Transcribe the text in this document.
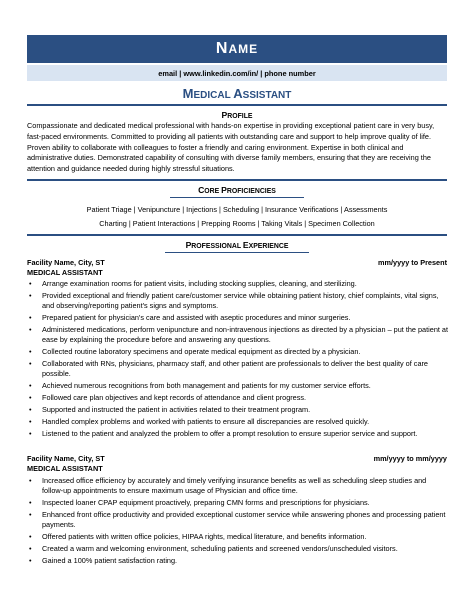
N AME
email | www.linkedin.com/in/ | phone number
MEDICAL ASSISTANT
PROFILE
Compassionate and dedicated medical professional with hands-on expertise in providing exceptional patient care in very busy, fast-paced environments. Committed to providing all patients with outstanding care and support to help improve quality of life. Proven ability to collaborate with colleagues to foster a friendly and caring environment. Expertise in both clinical and administrative duties. Demonstrated capability of consulting with diverse family members, ensuring that they are receiving the attention and guidance needed during highly stressful situations.
CORE PROFICIENCIES
Patient Triage | Venipuncture | Injections | Scheduling | Insurance Verifications | Assessments
Charting | Patient Interactions | Prepping Rooms | Taking Vitals | Specimen Collection
PROFESSIONAL EXPERIENCE
Facility Name, City, ST	mm/yyyy to Present
MEDICAL ASSISTANT
• Arrange examination rooms for patient visits, including stocking supplies, cleaning, and sterilizing.
• Provided exceptional and friendly patient care/customer service while obtaining patient history, chief complaints, vital signs, and observing/reporting patient's signs and symptoms.
• Prepared patient for physician's care and assisted with aseptic procedures and minor surgeries.
• Administered medications, perform venipuncture and non-intravenous injections as directed by a physician – put the patient at ease by explaining the procedure before and answering any questions.
• Collected routine laboratory specimens and operate medical equipment as directed by a physician.
• Collaborated with RNs, physicians, pharmacy staff, and other patient are professionals to deliver the best quality of care possible.
• Achieved numerous recognitions from both management and patients for my customer service efforts.
• Followed care plan objectives and kept records of attendance and client progress.
• Supported and instructed the patient in activities related to their treatment program.
• Handled complex problems and worked with patients to ensure all discrepancies are resolved quickly.
• Listened to the patient and analyzed the problem to offer a prompt resolution to ensure superior service and support.
Facility Name, City, ST	mm/yyyy to mm/yyyy
MEDICAL ASSISTANT
• Increased office efficiency by accurately and timely verifying insurance benefits as well as scheduling sleep studies and follow-up appointments to ensure maximum usage of Physician and office time.
• Inspected loaner CPAP equipment proactively, preparing CMN forms and prescriptions for physicians.
• Enhanced front office productivity and provided exceptional customer service while answering phones and processing patient payments.
• Offered patients with written office policies, HIPAA rights, medical literature, and benefits information.
• Created a warm and welcoming environment, scheduling patients and screened vendors/unscheduled visitors.
• Gained a 100% patient satisfaction rating.
